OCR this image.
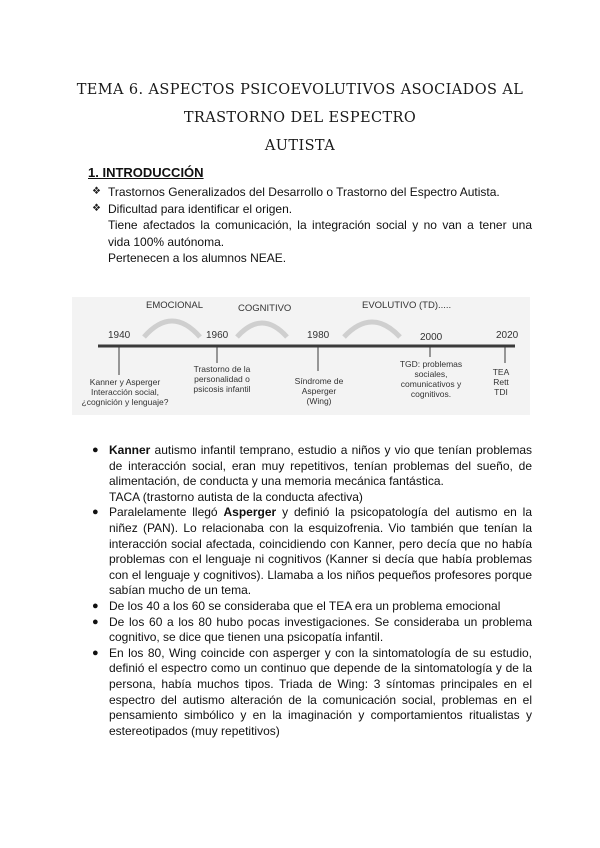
TEMA 6. ASPECTOS PSICOEVOLUTIVOS ASOCIADOS AL TRASTORNO DEL ESPECTRO
AUTISTA
1. INTRODUCCIÓN
❖ Trastornos Generalizados del Desarrollo o Trastorno del Espectro Autista.
❖ Dificultad para identificar el origen.
Tiene afectados la comunicación, la integración social y no van a tener una vida 100% autónoma.
Pertenecen a los alumnos NEAE.
EMOCIONAL	COGNITIVO	EVOLUTIVO (TD).....
1940	1960	1980	2000	2020
Kanner y Asperger
Interacción social,
¿cognición y lenguaje?
Trastorno de la
personalidad o
psicosis infantil
Síndrome de
Asperger
(Wing)
TGD: problemas
sociales,
comunicativos y
cognitivos.
TEA
Rett
TDI
● Kanner autismo infantil temprano, estudio a niños y vio que tenían problemas de interacción social, eran muy repetitivos, tenían problemas del sueño, de alimentación, de conducta y una memoria mecánica fantástica.
TACA (trastorno autista de la conducta afectiva)
● Paralelamente llegó Asperger y definió la psicopatología del autismo en la niñez (PAN). Lo relacionaba con la esquizofrenia. Vio también que tenían la interacción social afectada, coincidiendo con Kanner, pero decía que no había problemas con el lenguaje ni cognitivos (Kanner si decía que había problemas con el lenguaje y cognitivos). Llamaba a los niños pequeños profesores porque sabían mucho de un tema.
● De los 40 a los 60 se consideraba que el TEA era un problema emocional
● De los 60 a los 80 hubo pocas investigaciones. Se consideraba un problema cognitivo, se dice que tienen una psicopatía infantil.
● En los 80, Wing coincide con asperger y con la sintomatología de su estudio, definió el espectro como un continuo que depende de la sintomatología y de la persona, había muchos tipos. Triada de Wing: 3 síntomas principales en el espectro del autismo alteración de la comunicación social, problemas en el pensamiento simbólico y en la imaginación y comportamientos ritualistas y estereotipados (muy repetitivos)
